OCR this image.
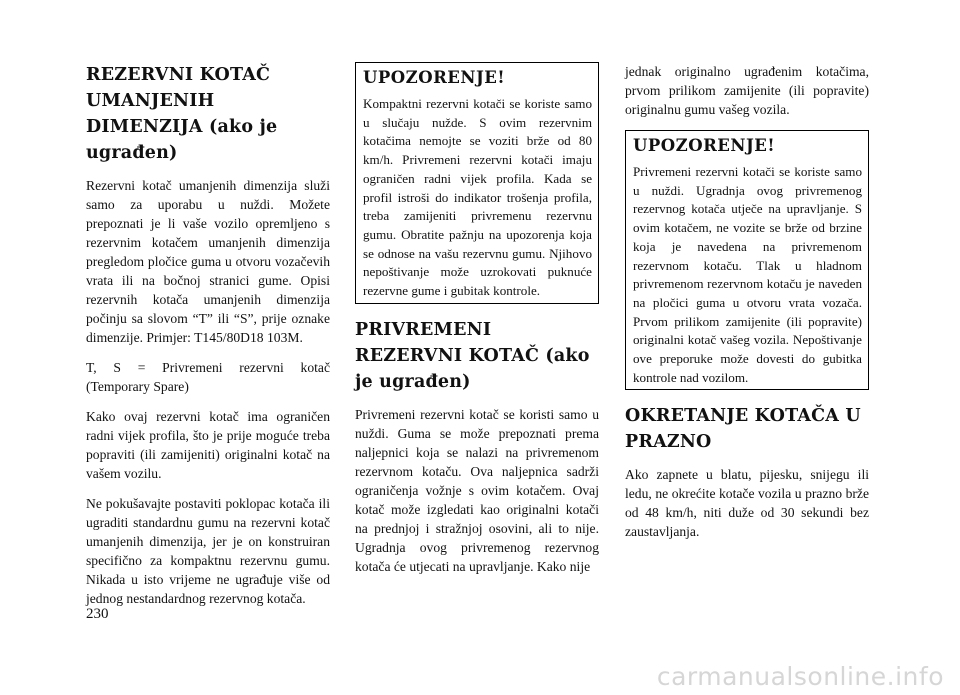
REZERVNI KOTAČ UMANJENIH DIMENZIJA (ako je ugrađen)

Rezervni kotač umanjenih dimenzija služi samo za uporabu u nuždi. Možete prepoznati je li vaše vozilo opremljeno s rezervnim kotačem umanjenih dimenzija pregledom pločice guma u otvoru vozačevih vrata ili na bočnoj stranici gume. Opisi rezervnih kotača umanjenih dimenzija počinju sa slovom “T” ili “S”, prije oznake dimenzije. Primjer: T145/80D18 103M.

T, S = Privremeni rezervni kotač (Temporary Spare)

Kako ovaj rezervni kotač ima ograničen radni vijek profila, što je prije moguće treba popraviti (ili zamijeniti) originalni kotač na vašem vozilu.

Ne pokušavajte postaviti poklopac kotača ili ugraditi standardnu gumu na rezervni kotač umanjenih dimenzija, jer je on konstruiran specifično za kompaktnu rezervnu gumu. Nikada u isto vrijeme ne ugrađuje više od jednog nestandardnog rezervnog kotača.

UPOZORENJE!

Kompaktni rezervni kotači se koriste samo u slučaju nužde. S ovim rezervnim kotačima nemojte se voziti brže od 80 km/h. Privremeni rezervni kotači imaju ograničen radni vijek profila. Kada se profil istroši do indikator trošenja profila, treba zamijeniti privremenu rezervnu gumu. Obratite pažnju na upozorenja koja se odnose na vašu rezervnu gumu. Njihovo nepoštivanje može uzrokovati puknuće rezervne gume i gubitak kontrole.

PRIVREMENI REZERVNI KOTAČ (ako je ugrađen)

Privremeni rezervni kotač se koristi samo u nuždi. Guma se može prepoznati prema naljepnici koja se nalazi na privremenom rezervnom kotaču. Ova naljepnica sadrži ograničenja vožnje s ovim kotačem. Ovaj kotač može izgledati kao originalni kotači na prednjoj i stražnjoj osovini, ali to nije. Ugradnja ovog privremenog rezervnog kotača će utjecati na upravljanje. Kako nije

jednak originalno ugrađenim kotačima, prvom prilikom zamijenite (ili popravite) originalnu gumu vašeg vozila.

UPOZORENJE!

Privremeni rezervni kotači se koriste samo u nuždi. Ugradnja ovog privremenog rezervnog kotača utječe na upravljanje. S ovim kotačem, ne vozite se brže od brzine koja je navedena na privremenom rezervnom kotaču. Tlak u hladnom privremenom rezervnom kotaču je naveden na pločici guma u otvoru vrata vozača. Prvom prilikom zamijenite (ili popravite) originalni kotač vašeg vozila. Nepoštivanje ove preporuke može dovesti do gubitka kontrole nad vozilom.

OKRETANJE KOTAČA U PRAZNO

Ako zapnete u blatu, pijesku, snijegu ili ledu, ne okrećite kotače vozila u prazno brže od 48 km/h, niti duže od 30 sekundi bez zaustavljanja.

230
carmanualsonline.info
